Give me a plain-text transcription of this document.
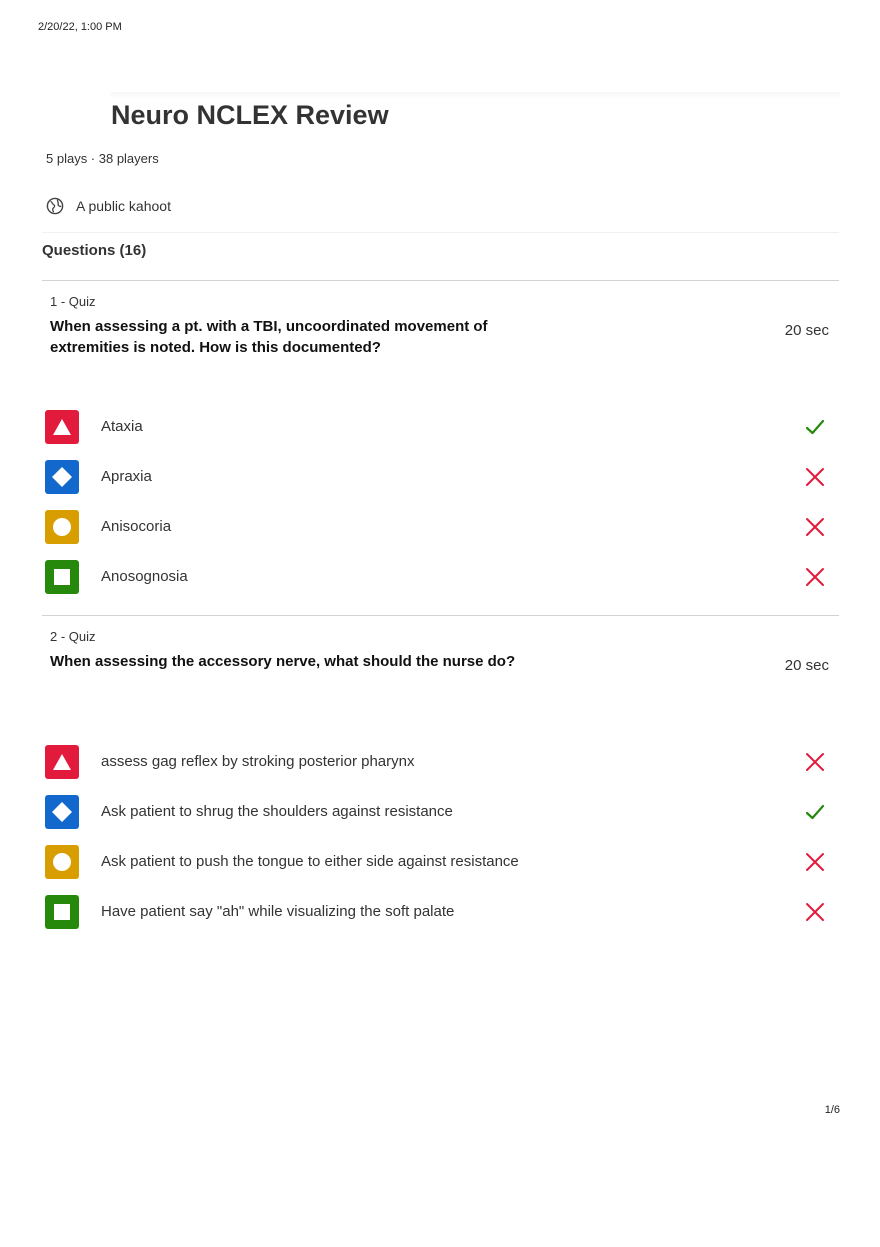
2/20/22, 1:00 PM
Neuro NCLEX Review
5 plays · 38 players
A public kahoot
Questions (16)
1 - Quiz
When assessing a pt. with a TBI, uncoordinated movement of extremities is noted. How is this documented?
20 sec
Ataxia
Apraxia
Anisocoria
Anosognosia
2 - Quiz
When assessing the accessory nerve, what should the nurse do?	20 sec
assess gag reflex by stroking posterior pharynx
Ask patient to shrug the shoulders against resistance
Ask patient to push the tongue to either side against resistance
Have patient say "ah" while visualizing the soft palate
1/6
